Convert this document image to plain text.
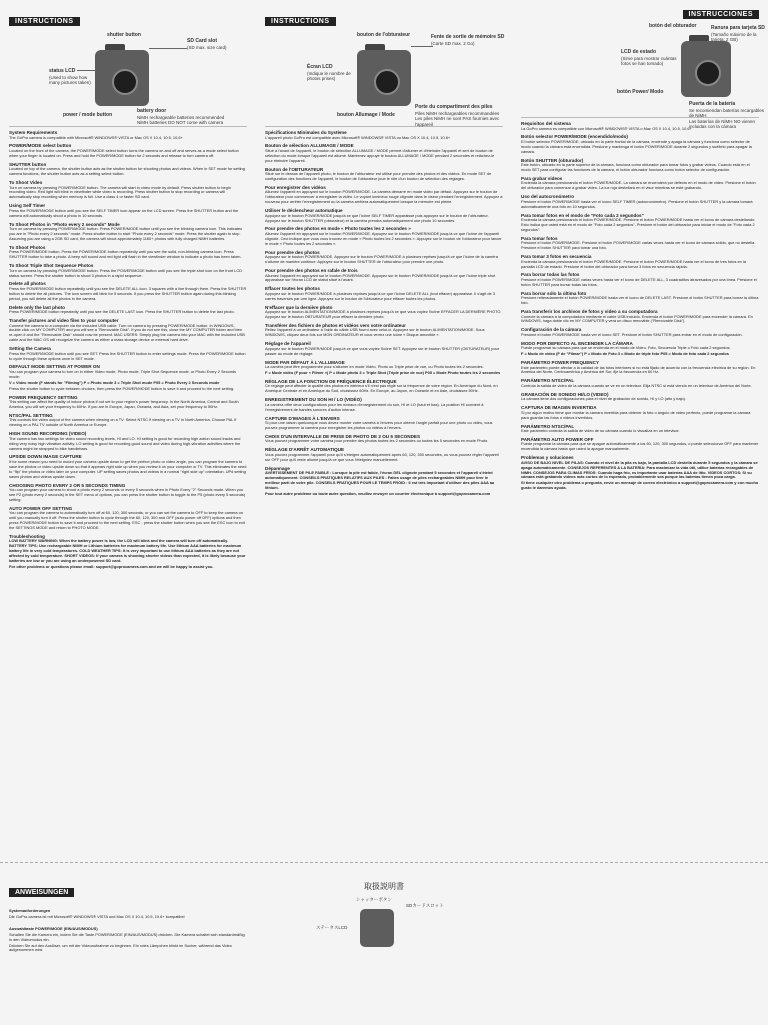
INSTRUCTIONS
shutter button
SD Card slot
(SD max. size card)
status LCD
(Used to show how many pictures taken)
power / mode button
battery door
NiMH rechargeable batteries recommended
NiMH batteries DO NOT come with camera
System Requirements
The GoPro camera is compatible with Microsoft® WINDOWS® VISTA or Mac OS X 10.4, 10.5, 10.6+
POWER/MODE select button
Located on the front of the camera, the POWER/MODE select button turns the camera on and off and serves as a mode select button when your finger is located on. Press and hold the POWER/MODE button for 2 seconds and release to turn camera off.
SHUTTER button
Located on top of the camera, the shutter button acts as the shutter button for shooting photos and videos. When in SET mode for setting camera functions, the shutter button acts as a setting select button.
To Shoot Video
Turn on camera by pressing POWER/MODE button. The camera will start in video mode by default. Press shutter button to begin recording video. Red light will blink in viewfinder while video is recording. Press shutter button to stop recording or camera will automatically stop recording when memory is full. Use a class 4 or faster SD card.
Using Self Timer
Press the POWER/MODE button until you see the SELF TIMER icon appear on the LCD screen. Press the SHUTTER button and the camera will automatically shoot a photo in 10 seconds.
To Shoot Photos in "Photo every 2 seconds" Mode
Turn on camera by pressing POWER/MODE button. Press POWER/MODE button until you see the blinking camera icon. This indicates you are in "Photo every 2 seconds" mode. Press shutter button to start "Photo every 2 seconds" mode. Press the shutter again to stop. Assuming you are using a 2GB SD card, the camera will shoot approximately 1160+ photos with fully charged NiMH batteries.
To Shoot Photos
Press POWER/MODE button. Press the POWER/MODE button repeatedly until you see the solid, non-blinking camera icon. Press SHUTTER button to take a photo. A beep will sound and red light will flash in the viewfinder window to indicate a photo has been taken.
To Shoot Triple Shot Sequence Photos
Turn on camera by pressing POWER/MODE button. Press the POWER/MODE button until you see the triple shot icon on the front LCD status screen. Press the shutter button to shoot 3 photos in a rapid sequence.
Delete all photos
Press the POWER/MODE button repeatedly until you see the DELETE ALL icon. 3 squares with a line through them. Press the SHUTTER button to delete the all pictures. The icon screen will blink for 5 seconds. If you press the SHUTTER button again during this blinking period, you will delete all the photos in the camera.
Delete only the last photo
Press POWER/MODE button repeatedly until you see the DELETE LAST icon. Press the SHUTTER button to delete the last photo.
Transfer pictures and video files to your computer
Connect the camera to a computer via the included USB cable. Turn on camera by pressing POWER/MODE button. In WINDOWS, double click on MY COMPUTER and you will see a "Removable Disk". If you do not see this, close the MY COMPUTER folder and then re-open it and the "Removable Disk" should now be present. MAC USERS: Simply plug the camera into your MAC with the included USB cable and the MAC OS will recognize the camera as either a mass storage device or external hard drive.
Setting the Camera
Press the POWER/MODE button until you see SET. Press the SHUTTER button to enter settings mode. Press the POWER/MODE button to cycle through these options once in SET mode.
DEFAULT MODE SETTING AT POWER ON
You can program your camera to turn on in either Video mode, Photo mode, Triple Shot Sequence mode, or Photo Every 2 Seconds mode:
V = Video mode (F stands for "Filming") P = Photo mode 3 = Triple Shot mode P05 = Photo Every 2 Seconds mode
Press the shutter button to cycle between choices, then press the POWER/MODE button to save it and proceed to the next setting.
POWER FREQUENCY SETTING
This setting can affect the quality of indoor photos if not set to your region's power frequency. In the North America, Central and South America, you will set your frequency to 60Hz. If you are in Europe, Japan, Oceania, and Asia, set your frequency to 50Hz.
NTSC/PAL SETTING
This controls the video output of the camera when viewing on a TV. Select NTSC if viewing on a TV in North America. Choose PAL if viewing on a PAL TV outside of North America or Europe.
HIGH SOUND RECORDING (VIDEO)
The camera has two settings for video sound recording levels, HI and LO. HI setting is good for recording high action sound tracks and riding very noisy high vibration activity. LO setting is good for recording good sound and video during high-vibration activities where the camera might be strapped to bike handlebars.
UPSIDE DOWN IMAGE CAPTURE
If for some reason you need to mount your camera upside down to get the perfect photo or video angle, you can program the camera to save the photos or video upside down so that it appears right side up when you review it on your computer or TV. This eliminates the need to "flip" the photos or video later on your computer. UP setting saves photos and videos in a normal "right side up" orientation. UPd setting saves photos and videos upside down.
CHOOSING PHOTO EVERY 2 OR 5 SECONDS TIMING
You can program your camera to shoot a photo every 2 seconds or every 5 seconds when in Photo Every "2" Seconds mode. When you see P2 (photo every 2 seconds) in the SET menu of options, you can press the shutter button to toggle to the P5 (photo every 5 seconds) setting.
AUTO POWER OFF SETTING
You can program the camera to automatically turn off at 60, 120, 300 seconds, or you can set the camera to OFF to keep the camera on until you manually turn it off. Press the shutter button to cycle through the 60, 120, 300 and OFF (auto power off OFF) options and then press POWER/MODE button to save it and proceed to the next setting. ESC - press the shutter button when you see the ESC icon to exit the SETTINGS MODE and return to PHOTO MODE.
Troubleshooting
LOW BATTERY WARNING: When the battery power is low, the LCD will blink and the camera will turn off automatically. BATTERY TIPS: Use rechargeable NiMH or Lithium batteries for maximum battery life. Use lithium AAA batteries for maximum battery life in very cold temperatures. COLD WEATHER TIPS: It is very important to use lithium AAA batteries as they are not affected by cold temperature. SHORT VIDEOS: If your camera is shooting shorter videos than expected, it is likely because your batteries are low or you are using an underpowered SD card.
For other problems or questions please email: support@goprocamera.com and we will be happy to assist you.
INSTRUCTIONS
bouton de l'obturateur	Fente de sortie de mémoire SD
(Carte SD max. 2 Go)
Écran LCD
(Indique le nombre de photos prises)
bouton Allumage / Mode
Porte du compartiment des piles
Piles NiMH rechargeables recommandées
Les piles NiMH ne sont PAS fournies avec l'appareil
Spécifications Minimales du Système
L'appareil photo GoPro est compatible avec Microsoft® WINDOWS® VISTA ou Mac OS X 10.4, 10.5, 10.6+
Bouton de sélection ALLUMAGE / MODE
Situé à l'avant de l'appareil, le bouton de sélection ALLUMAGE / MODE permet d'allumer et d'éteindre l'appareil et sert de bouton de sélection du mode lorsque l'appareil est allumé. Maintenez appuyé le bouton ALLUMAGE / MODE pendant 2 secondes et relâchez-le pour éteindre l'appareil.
Bouton de l'OBTURATEUR
Situé sur le dessus de l'appareil photo, le bouton de l'obturateur est utilisé pour prendre des photos et des vidéos. En mode SET de configuration des fonctions de l'appareil, le bouton de l'obturateur joue le rôle d'un bouton de sélection des réglages.
Pour enregistrer des vidéos
Allumez l'appareil en appuyant sur le bouton POWER/MODE. La caméra démarre en mode vidéo par défaut. Appuyez sur le bouton de l'obturateur pour commencer à enregistrer la vidéo. Le voyant lumineux rouge clignote dans le viseur pendant l'enregistrement. Appuyez à nouveau pour arrêter l'enregistrement ou la caméra arrêtera automatiquement lorsque la mémoire est pleine.
Utiliser le déclencheur automatique
Appuyez sur le bouton POWER/MODE jusqu'à ce que l'icône SELF TIMER apparaisse puis appuyez sur le bouton de l'obturateur. Appuyez sur le bouton SHUTTER (obturateur) et la caméra prendra automatiquement une photo 10 secondes.
Pour prendre des photos en mode « Photo toutes les 2 secondes »
Allumez l'appareil en appuyant sur le bouton POWER/MODE. Appuyez sur le bouton POWER/MODE jusqu'à ce que l'icône de l'appareil clignote. Ceci indique que vous vous trouvez en mode « Photo toutes les 2 secondes ». Appuyez sur le bouton de l'obturateur pour lancer le mode « Photo toutes les 2 secondes ».
Pour prendre des photos
Appuyez sur le bouton POWER/MODE. Appuyez sur le bouton POWER/MODE à plusieurs reprises jusqu'à ce que l'icône de la caméra s'allume de manière continue. Appuyez sur le bouton SHUTTER de l'obturateur pour prendre une photo.
Pour prendre des photos en rafale de trois
Allumez l'appareil en appuyant sur le bouton POWER/MODE. Appuyez sur le bouton POWER/MODE jusqu'à ce que l'icône triple shot apparaisse sur l'écran LCD de statut situé à l'avant.
Effacer toutes les photos
Appuyez sur le bouton POWER/MODE à plusieurs reprises jusqu'à ce que l'icône DELETE ALL (tout effacer) apparaisse. Il s'agit de 3 carrés traversés par une ligne. Appuyez sur le bouton de l'obturateur pour effacer toutes les photos.
N'effacer que la dernière photo
Appuyez sur le bouton ALIMENTATION/MODE à plusieurs reprises jusqu'à ce que vous voyiez l'icône EFFACER LA DERNIÈRE PHOTO. Appuyez sur le bouton OBTURATEUR pour effacer la dernière photo.
Transférer des fichiers de photos et vidéos vers votre ordinateur
Reliez l'appareil à un ordinateur à l'aide du câble USB fourni avec celui-ci. Appuyez sur le bouton ALIMENTATION/MODE. Sous WINDOWS, cliquez deux fois sur MON ORDINATEUR et vous verrez une icône « Disque amovible ».
Réglage de l'appareil
Appuyez sur le bouton POWER/MODE jusqu'à ce que vous voyiez l'icône SET. Appuyez sur le bouton SHUTTER (OBTURATEUR) pour passer au mode de réglage.
MODE PAR DÉFAUT À L'ALLUMAGE
La caméra peut être programmée pour s'allumer en mode Vidéo, Photo ou Triple prise de vue, ou Photo toutes les 2 secondes.
F = Mode vidéo (F pour « Filmer ») P = Mode photo 3 = Triple Shot (Triple prise de vue) P05 = Mode Photo toutes les 2 secondes
RÉGLAGE DE LA FONCTION DE FRÉQUENCE ÉLECTRIQUE
Ce réglage peut affecter la qualité des photos en intérieur s'il n'est pas réglé sur la fréquence de votre région. En Amérique du Nord, en Amérique Centrale et en Amérique du Sud, choisissez 60Hz. En Europe, au Japon, en Océanie et en Asie, choisissez 50Hz.
ENREGISTREMENT DU SON HI / LO (VIDÉO)
La caméra offre deux configurations pour les niveaux d'enregistrement du son, HI et LO (haut et bas). La position HI convient à l'enregistrement de bandes sonores d'action intense.
CAPTURE D'IMAGES À L'ENVERS
Si pour une raison quelconque vous devez monter votre caméra à l'envers pour obtenir l'angle parfait pour une photo ou vidéo, vous pouvez programmer la caméra pour enregistrer les photos ou vidéos à l'envers.
CHOIX D'UN INTERVALLE DE PRISE DE PHOTO DE 2 OU 5 SECONDES
Vous pouvez programmer votre caméra pour prendre des photos toutes les 2 secondes ou toutes les 5 secondes en mode Photo.
RÉGLAGE D'ARRÊT AUTOMATIQUE
Vous pouvez programmer l'appareil pour qu'il s'éteigne automatiquement après 60, 120, 300 secondes, ou vous pouvez régler l'appareil sur OFF pour qu'il reste allumé jusqu'à ce que vous l'éteigniez manuellement.
Dépannage
AVERTISSEMENT DE PILE FAIBLE : Lorsque la pile est faible, l'écran DEL clignote pendant 5 secondes et l'appareil s'éteint automatiquement. CONSEILS PRATIQUES RELATIFS AUX PILES : Faites usage de piles rechargeables NiMH pour tirer le meilleur parti de votre pile. CONSEILS PRATIQUES POUR LE TEMPS FROID : Il est très important d'utiliser des piles AAA au lithium.
Pour tout autre problème ou toute autre question, veuillez envoyer un courrier électronique à support@goprocamera.com
INSTRUCCIONES
botón del obturador	Ranura para tarjeta SD
(Tamaño máximo de la tarjeta: 2 GB)
LCD de estado
(Sirve para mostrar cuántas fotos se han tomado)
botón Power/ Modo
Puerta de la batería
Se recomiendan baterías recargables de NiMH
Las baterías de NiMH NO vienen incluidas con la cámara
Requisitos del sistema
La GoPro camera es compatible con Microsoft® WINDOWS® VISTA o Mac OS X 10.4, 10.5, 10.6+
Botón selector POWER/MODE (encendido/modo)
El botón selector POWER/MODE, ubicado en la parte frontal de la cámara, enciende y apaga la cámara y funciona como selector de modo cuando la cámara está encendida. Presione y mantenga el botón POWER/MODE durante 2 segundos y suéltelo para apagar la cámara.
Botón SHUTTER (obturador)
Este botón, ubicado en la parte superior de la cámara, funciona como obturador para tomar fotos y grabar videos. Cuando está en el modo SET para configurar las funciones de la cámara, el botón obturador funciona como botón selector de configuración.
Para grabar videos
Encienda la cámara presionando el botón POWER/MODE. La cámara se encenderá por defecto en el modo de video. Presione el botón del obturador para comenzar a grabar video. La luz roja destellará en el visor mientras se esté grabando.
Uso del autocronómetro
Presione el botón POWER/MODE hasta ver el icono SELF TIMER (autocronómetro). Presione el botón SHUTTER y la cámara tomará automáticamente una foto en 10 segundos.
Para tomar fotos en el modo de "Foto cada 2 segundos"
Encienda la cámara presionando el botón POWER/MODE. Presione el botón POWER/MODE hasta ver el icono de cámara destellando. Esto indica que usted está en el modo de "Foto cada 2 segundos". Presione el botón del obturador para iniciar el modo de "Foto cada 2 segundos".
Para tomar fotos
Presione el botón POWER/MODE. Presione el botón POWER/MODE varias veces hasta ver el icono de cámara sólido, que no destella. Presione el botón SHUTTER para tomar una foto.
Para tomar 3 fotos en secuencia
Encienda la cámara presionando el botón POWER/MODE. Presione el botón POWER/MODE hasta ver el icono de tres fotos en la pantalla LCD de estado. Presione el botón del obturador para tomar 3 fotos en secuencia rápida.
Para borrar todas las fotos
Presione el botón POWER/MODE varias veces hasta ver el icono de DELETE ALL, 3 cuadraditos atravesados por una línea. Presione el botón SHUTTER para borrar todas las fotos.
Para borrar sólo la última foto
Presione reiteradamente el botón POWER/MODE hasta ver el icono de DELETE LAST. Presione el botón SHUTTER para borrar la última foto.
Para transferir los archivos de fotos y video a su computadora
Conecte la cámara a la computadora mediante el cable USB incluido. Encienda el botón POWER/MODE para encender la cámara. En WINDOWS, haga doble clic en MY COMPUTER y verá un disco removible ("Removable Disk").
Configuración de la cámara
Presione el botón POWER/MODE hasta ver el icono SET. Presione el botón SHUTTER para entrar en el modo de configuración.
MODO POR DEFECTO AL ENCENDER LA CÁMARA
Puede programar su cámara para que se encienda en el modo de Video, Foto, Secuencia Triple o Foto cada 2 segundos:
F = Modo de video (F de "Filmar") P = Modo de Foto 3 = Modo de triple foto P05 = Modo de foto cada 2 segundos
PARÁMETRO POWER FREQUENCY
Este parámetro puede afectar a la calidad de las fotos interiores si no está fijado de acuerdo con la frecuencia eléctrica de su región. En América del Norte, Centroamérica y América del Sur, fije la frecuencia en 60 Hz.
PARÁMETRO NTSC/PAL
Controla la salida de video de la cámara cuando se ve en un televisor. Elija NTSC si está viendo en un televisor de América del Norte.
GRABACIÓN DE SONIDO HI/LO (VIDEO)
La cámara tiene dos configuraciones para el nivel de grabación de sonido, HI y LO (alto y bajo).
CAPTURA DE IMAGEN INVERTIDA
Si por algún motivo tiene que montar la cámara invertida para obtener la foto o ángulo de video perfecto, puede programar la cámara para guardar las fotos o videos invertidos.
PARÁMETRO NTSC/PAL
Este parámetro controla la salida de video de su cámara cuando lo visualiza en un televisor.
PARÁMETRO AUTO POWER OFF
Puede programar la cámara para que se apague automáticamente a los 60, 120, 300 segundos, o puede seleccionar OFF para mantener encendida la cámara hasta que usted la apague manualmente.
Problemas y soluciones
AVISO DE BAJO NIVEL DE PILAS: Cuando el nivel de la pila es bajo, la pantalla LCD destella durante 5 segundos y la cámara se apaga automáticamente. CONSEJOS REFERENTES A LA BATERÍA: Para maximizar la vida útil, utilice baterías recargables de NiMH. CONSEJOS PARA CLIMAS FRÍOS: Cuando haga frío, es importante usar baterías AAA de litio. VIDEOS CORTOS: Si su cámara está grabando videos más cortos de lo esperado, probablemente sea porque las baterías tienen poca carga.
Si tiene cualquier otro problema o pregunta, envíe un mensaje de correo electrónico a support@goprocamera.com y con mucho gusto le daremos ayuda.
ANWEISUNGEN
Systemanforderungen
Die GoPro-camera ist mit Microsoft® WINDOWS® VISTA und Mac OS X 10.4, 10.5, 10.6+ kompatibel
Auswahltaste POWER/MODE (EIN/AUS/MODUS)
Schalten Sie die Kamera ein, indem Sie die Taste POWER/MODE (EIN/AUS/MODUS) drücken. Die Kamera schaltet sich standardmäßig in den Videomodus ein.
Drücken Sie auf den Auslöser, um mit der Videoaufnahme zu beginnen. Ein rotes Lämpchen blinkt im Sucher, während das Video aufgenommen wird.
取扱説明書
シャッターボタン
ステータスLCD
SDカードスロット
